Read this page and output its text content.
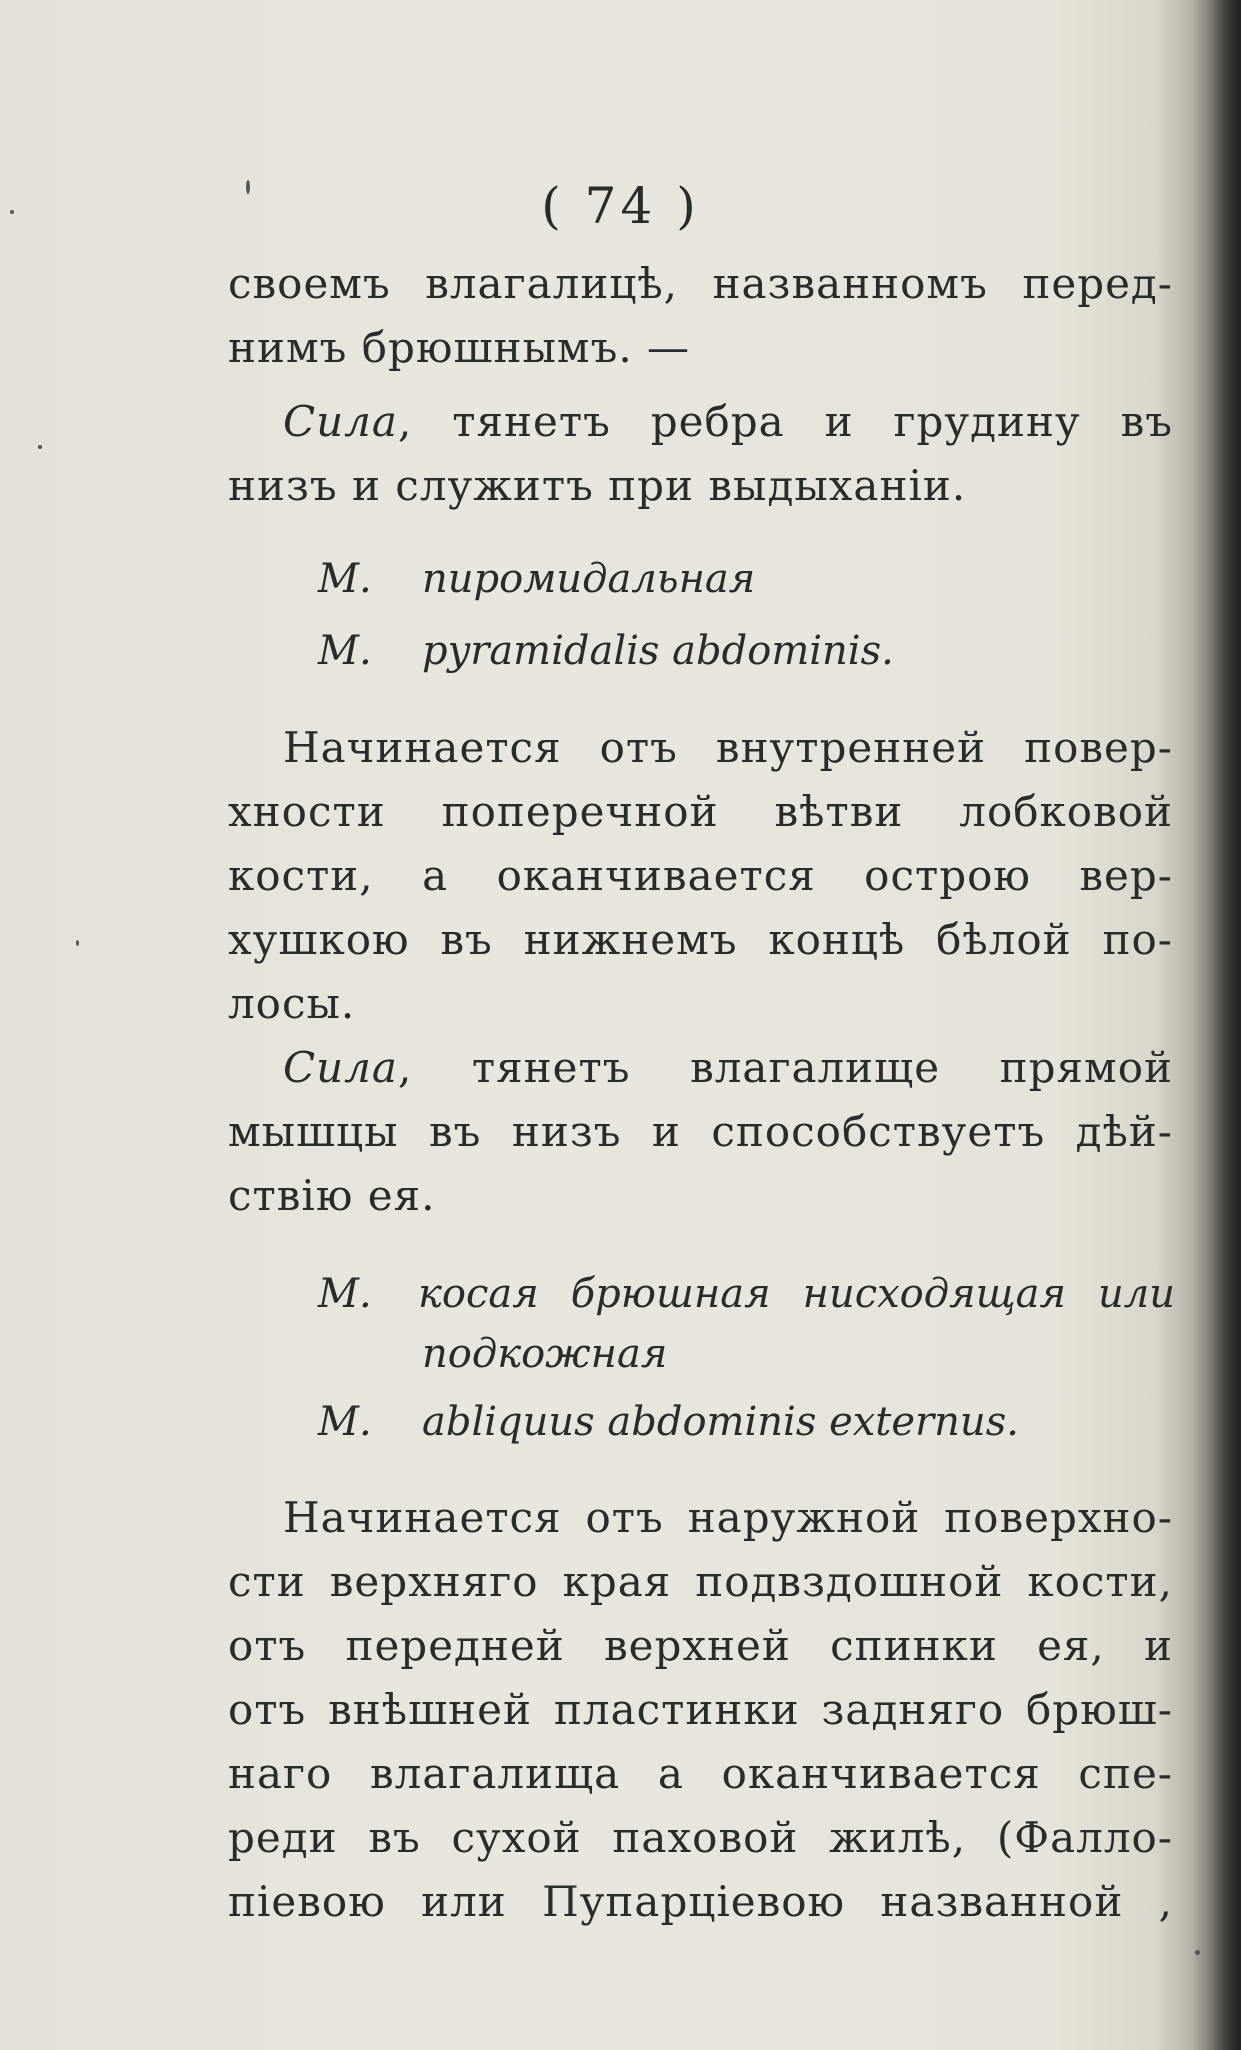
( 74 )
своемъ влагалицѣ, названномъ перед-
нимъ брюшнымъ. —
Сила, тянетъ ребра и грудину въ
низъ и служитъ при выдыханiи.
M. пиромидальная
M. pyramidalis abdominis.
Начинается отъ внутренней повер-
хности поперечной вѣтви лобковой
кости, а оканчивается острою вер-
хушкою въ нижнемъ концѣ бѣлой по-
лосы.
Сила, тянетъ влагалище прямой
мышцы въ низъ и способствуетъ дѣй-
ствiю ея.
M. косая брюшная нисходящая или
подкожная
M. abliquus abdominis externus.
Начинается отъ наружной поверхно-
сти верхняго края подвздошной кости,
отъ передней верхней спинки ея, и
отъ внѣшней пластинки задняго брюш-
наго влагалища а оканчивается спе-
реди въ сухой паховой жилѣ, (Фалло-
пiевою или Пупарцiевою названной ,
